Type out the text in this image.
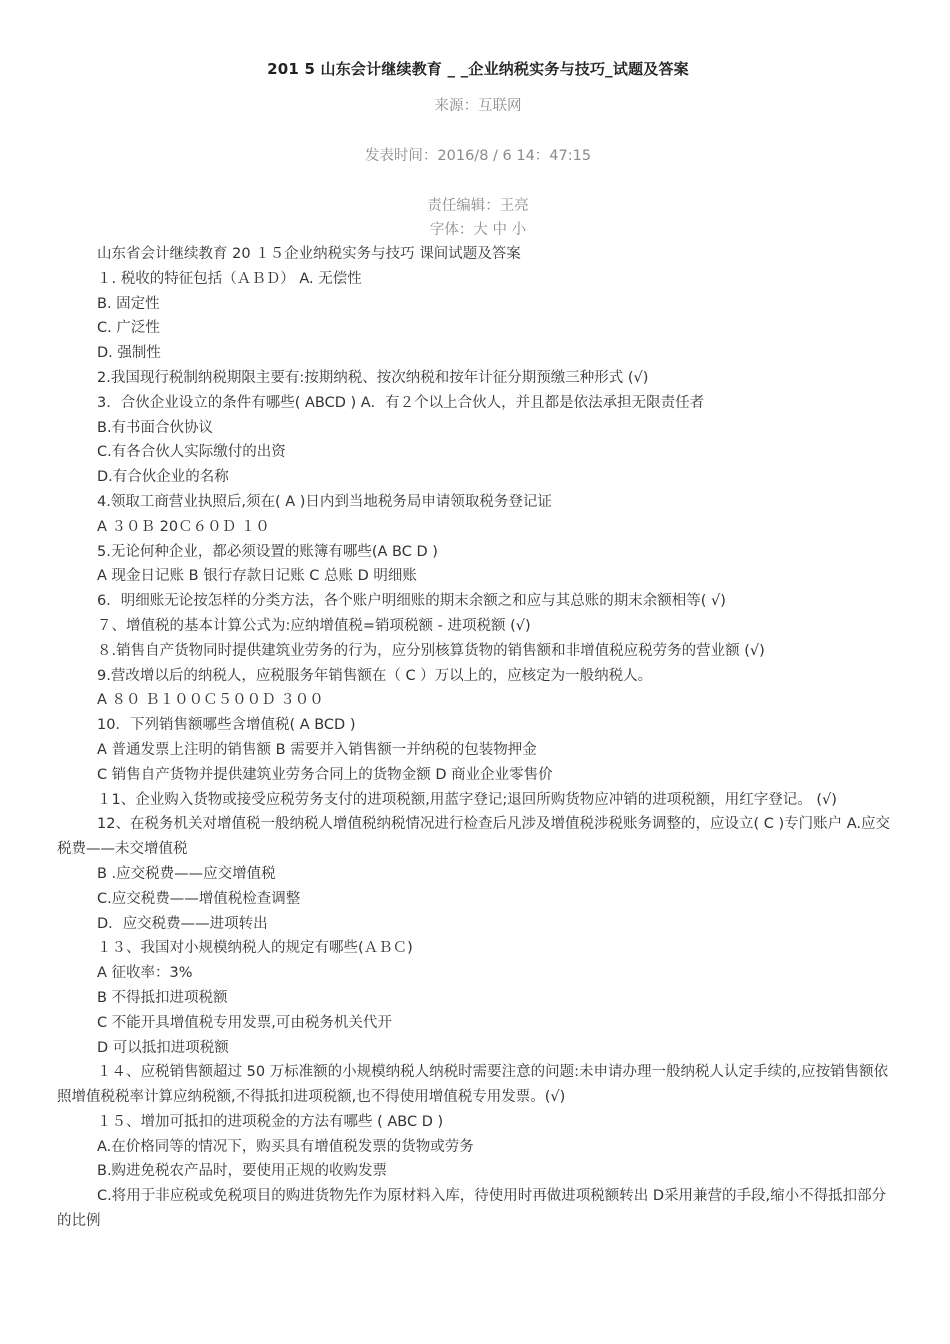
201 5 山东会计继续教育 _ _企业纳税实务与技巧_试题及答案

来源：互联网

发表时间：2016/8 / 6 14：47:15

责任编辑：王亮

字体：大 中 小

山东省会计继续教育 20 １５企业纳税实务与技巧 课间试题及答案

１. 税收的特征包括（ＡＢＤ） A. 无偿性

B. 固定性

C. 广泛性

D. 强制性

2.我国现行税制纳税期限主要有:按期纳税、按次纳税和按年计征分期预缴三种形式 (√)

3．合伙企业设立的条件有哪些( ABCD ) A．有２个以上合伙人，并且都是依法承担无限责任者

B.有书面合伙协议

C.有各合伙人实际缴付的出资

D.有合伙企业的名称

4.领取工商营业执照后,须在( A )日内到当地税务局申请领取税务登记证

A ３０Ｂ 20Ｃ６０Ｄ １０

5.无论何种企业，都必须设置的账簿有哪些(A BC D )

A 现金日记账 B 银行存款日记账 C 总账 D 明细账

6．明细账无论按怎样的分类方法，各个账户明细账的期末余额之和应与其总账的期末余额相等( √)

７、增值税的基本计算公式为:应纳增值税=销项税额 - 进项税额 (√)

８.销售自产货物同时提供建筑业劳务的行为，应分别核算货物的销售额和非增值税应税劳务的营业额 (√)

9.营改增以后的纳税人，应税服务年销售额在（ C ）万以上的，应核定为一般纳税人。

A ８０ Ｂ１００Ｃ５００Ｄ ３００

10．下列销售额哪些含增值税( A BCD )

A 普通发票上注明的销售额 B 需要并入销售额一并纳税的包装物押金

C 销售自产货物并提供建筑业劳务合同上的货物金额 D 商业企业零售价

１1、企业购入货物或接受应税劳务支付的进项税额,用蓝字登记;退回所购货物应冲销的进项税额，用红字登记。 (√)

12、在税务机关对增值税一般纳税人增值税纳税情况进行检查后凡涉及增值税涉税账务调整的，应设立( C )专门账户 A.应交税费——未交增值税

B .应交税费——应交增值税

C.应交税费——增值税检查调整

D．应交税费——进项转出

１３、我国对小规模纳税人的规定有哪些(ＡＢＣ)

A 征收率：3%

B 不得抵扣进项税额

C 不能开具增值税专用发票,可由税务机关代开

D 可以抵扣进项税额

１４、应税销售额超过 50 万标准额的小规模纳税人纳税时需要注意的问题:未申请办理一般纳税人认定手续的,应按销售额依照增值税税率计算应纳税额,不得抵扣进项税额,也不得使用增值税专用发票。(√)

１５、增加可抵扣的进项税金的方法有哪些 ( ABC D )

A.在价格同等的情况下，购买具有增值税发票的货物或劳务

B.购进免税农产品时，要使用正规的收购发票

C.将用于非应税或免税项目的购进货物先作为原材料入库，待使用时再做进项税额转出 D采用兼营的手段,缩小不得抵扣部分的比例
